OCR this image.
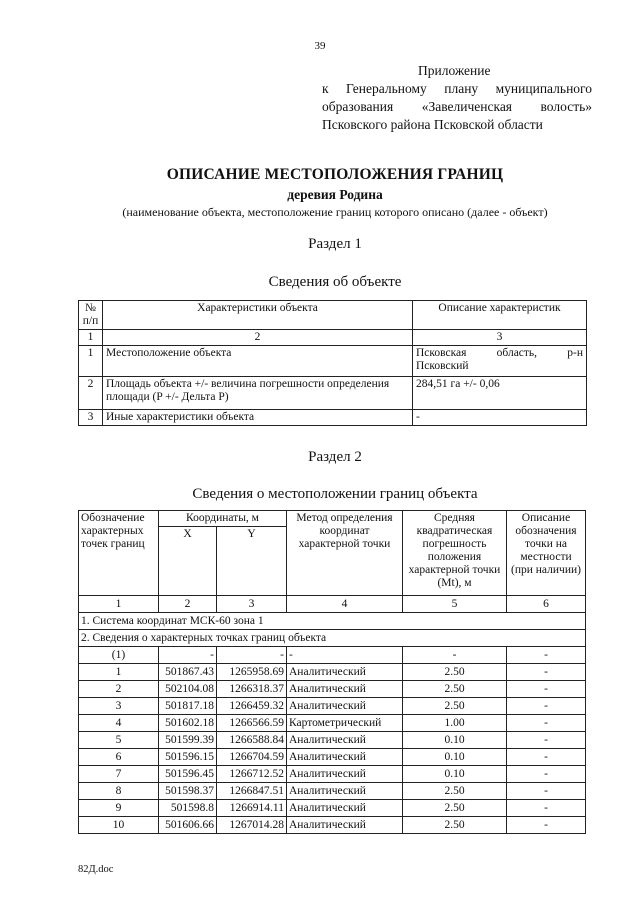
39
Приложение
к Генеральному плану муниципального
образования «Завеличенская волость»
Псковского района Псковской области
ОПИСАНИЕ МЕСТОПОЛОЖЕНИЯ ГРАНИЦ
деревия Родина
(наименование объекта, местоположение границ которого описано (далее - объект)
Раздел 1
Сведения об объекте
№ п/п	Характеристики объекта	Описание характеристик
1	2	3
1	Местоположение объекта	Псковская область, р-н
Псковский

2	Площадь объекта +/- величина погрешности определения площади (P +/- Дельта P)	284,51 га +/- 0,06
3	Иные характеристики объекта	-
Раздел 2
Сведения о местоположении границ объекта
Обозначение характерных точек границ	Координаты, м		Метод определения координат характерной точки	Средняя квадратическая погрешность положения характерной точки (Mt), м	Описание обозначения точки на местности (при наличии)
	X	Y			
1	2	3	4	5	6
1. Система координат МСК-60 зона 1					
2. Сведения о характерных точках границ объекта					
(1)	-	-	-	-	-
1	501867.43	1265958.69	Аналитический	2.50	-
2	502104.08	1266318.37	Аналитический	2.50	-
3	501817.18	1266459.32	Аналитический	2.50	-
4	501602.18	1266566.59	Картометрический	1.00	-
5	501599.39	1266588.84	Аналитический	0.10	-
6	501596.15	1266704.59	Аналитический	0.10	-
7	501596.45	1266712.52	Аналитический	0.10	-
8	501598.37	1266847.51	Аналитический	2.50	-
9	501598.8	1266914.11	Аналитический	2.50	-
10	501606.66	1267014.28	Аналитический	2.50	-
82Д.doc
